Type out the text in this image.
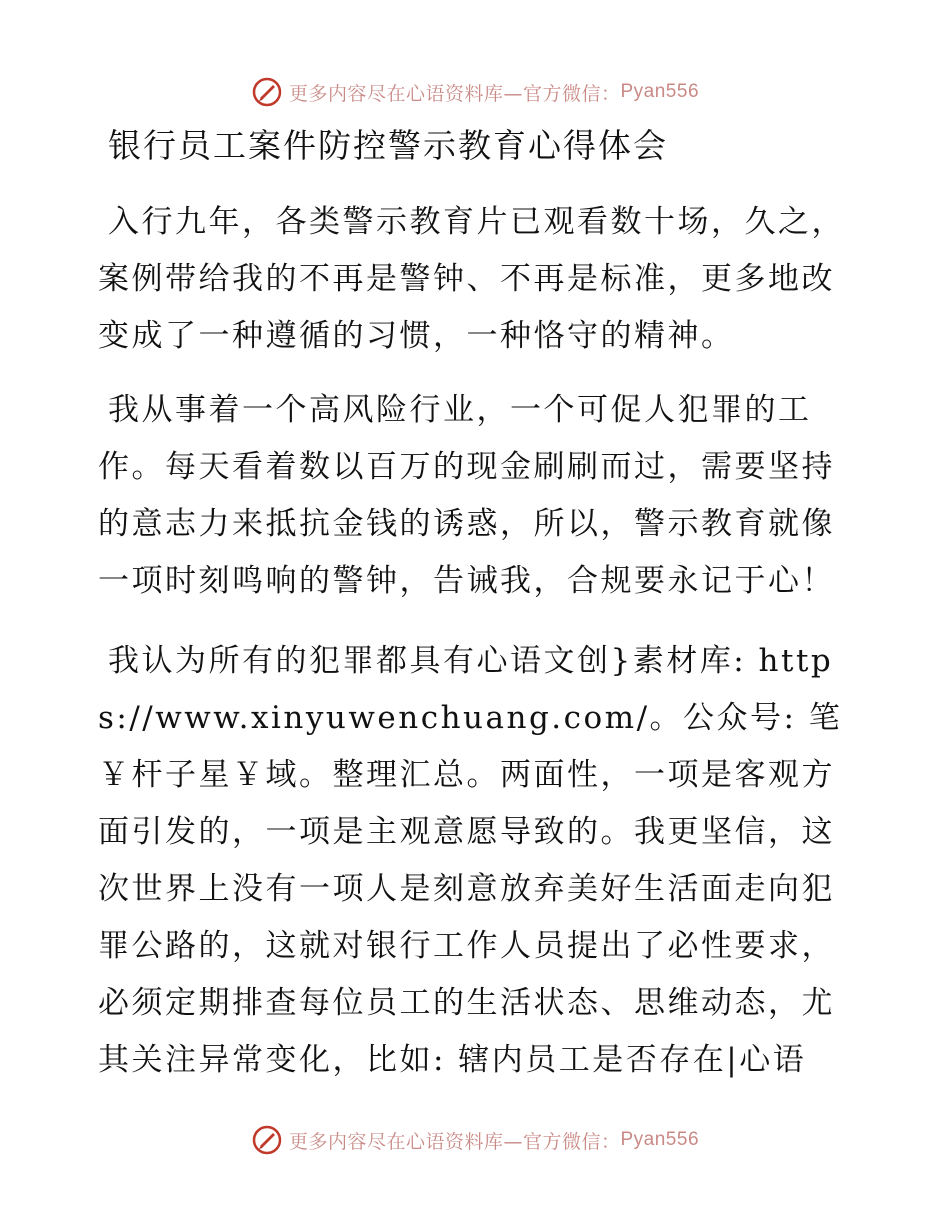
更多内容尽在心语资料库—官方微信： Pyan556
银行员工案件防控警示教育心得体会

入行九年，各类警示教育片已观看数十场，久之，案例带给我的不再是警钟、不再是标准，更多地改变成了一种遵循的习惯，一种恪守的精神。

我从事着一个高风险行业，一个可促人犯罪的工作。每天看着数以百万的现金刷刷而过，需要坚持的意志力来抵抗金钱的诱惑，所以，警示教育就像一项时刻鸣响的警钟，告诫我，合规要永记于心！

我认为所有的犯罪都具有心语文创}素材库: https://www.xinyuwenchuang.com/。公众号: 笔￥杆子星￥域。整理汇总。两面性，一项是客观方面引发的，一项是主观意愿导致的。我更坚信，这次世界上没有一项人是刻意放弃美好生活面走向犯罪公路的，这就对银行工作人员提出了必性要求，必须定期排查每位员工的生活状态、思维动态，尤其关注异常变化，比如: 辖内员工是否存在|心语

更多内容尽在心语资料库—官方微信： Pyan556
